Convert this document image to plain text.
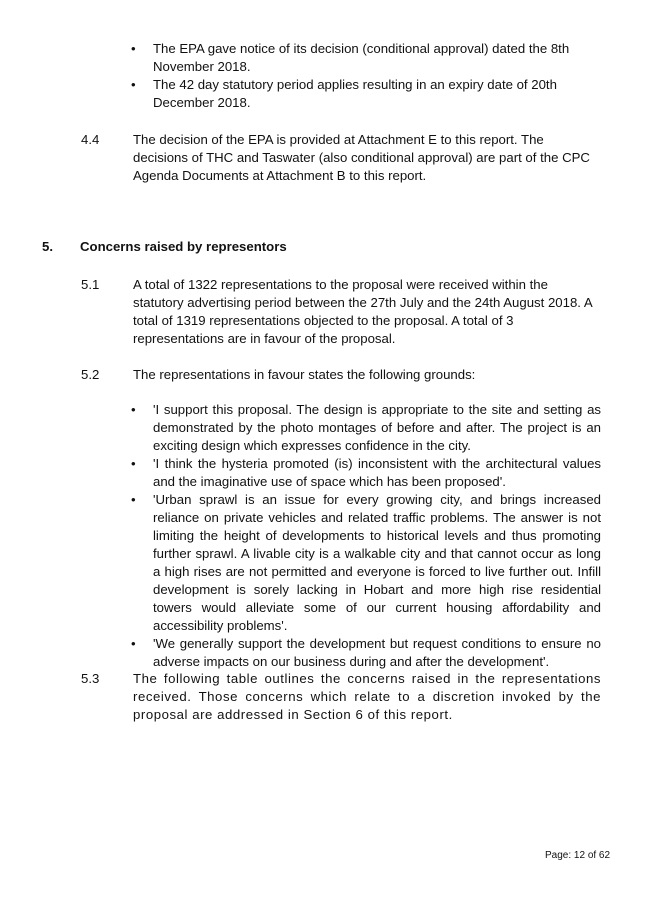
• The EPA gave notice of its decision (conditional approval) dated the 8th November 2018.
• The 42 day statutory period applies resulting in an expiry date of 20th December 2018.
4.4	The decision of the EPA is provided at Attachment E to this report. The decisions of THC and Taswater (also conditional approval) are part of the CPC Agenda Documents at Attachment B to this report.
5. Concerns raised by representors
5.1	A total of 1322 representations to the proposal were received within the statutory advertising period between the 27th July and the 24th August 2018. A total of 1319 representations objected to the proposal. A total of 3 representations are in favour of the proposal.
5.2	The representations in favour states the following grounds:
• 'I support this proposal. The design is appropriate to the site and setting as demonstrated by the photo montages of before and after. The project is an exciting design which expresses confidence in the city.
• 'I think the hysteria promoted (is) inconsistent with the architectural values and the imaginative use of space which has been proposed'.
• 'Urban sprawl is an issue for every growing city, and brings increased reliance on private vehicles and related traffic problems. The answer is not limiting the height of developments to historical levels and thus promoting further sprawl. A livable city is a walkable city and that cannot occur as long a high rises are not permitted and everyone is forced to live further out. Infill development is sorely lacking in Hobart and more high rise residential towers would alleviate some of our current housing affordability and accessibility problems'.
• 'We generally support the development but request conditions to ensure no adverse impacts on our business during and after the development'.
5.3	The following table outlines the concerns raised in the representations received. Those concerns which relate to a discretion invoked by the proposal are addressed in Section 6 of this report.
Page: 12 of 62
